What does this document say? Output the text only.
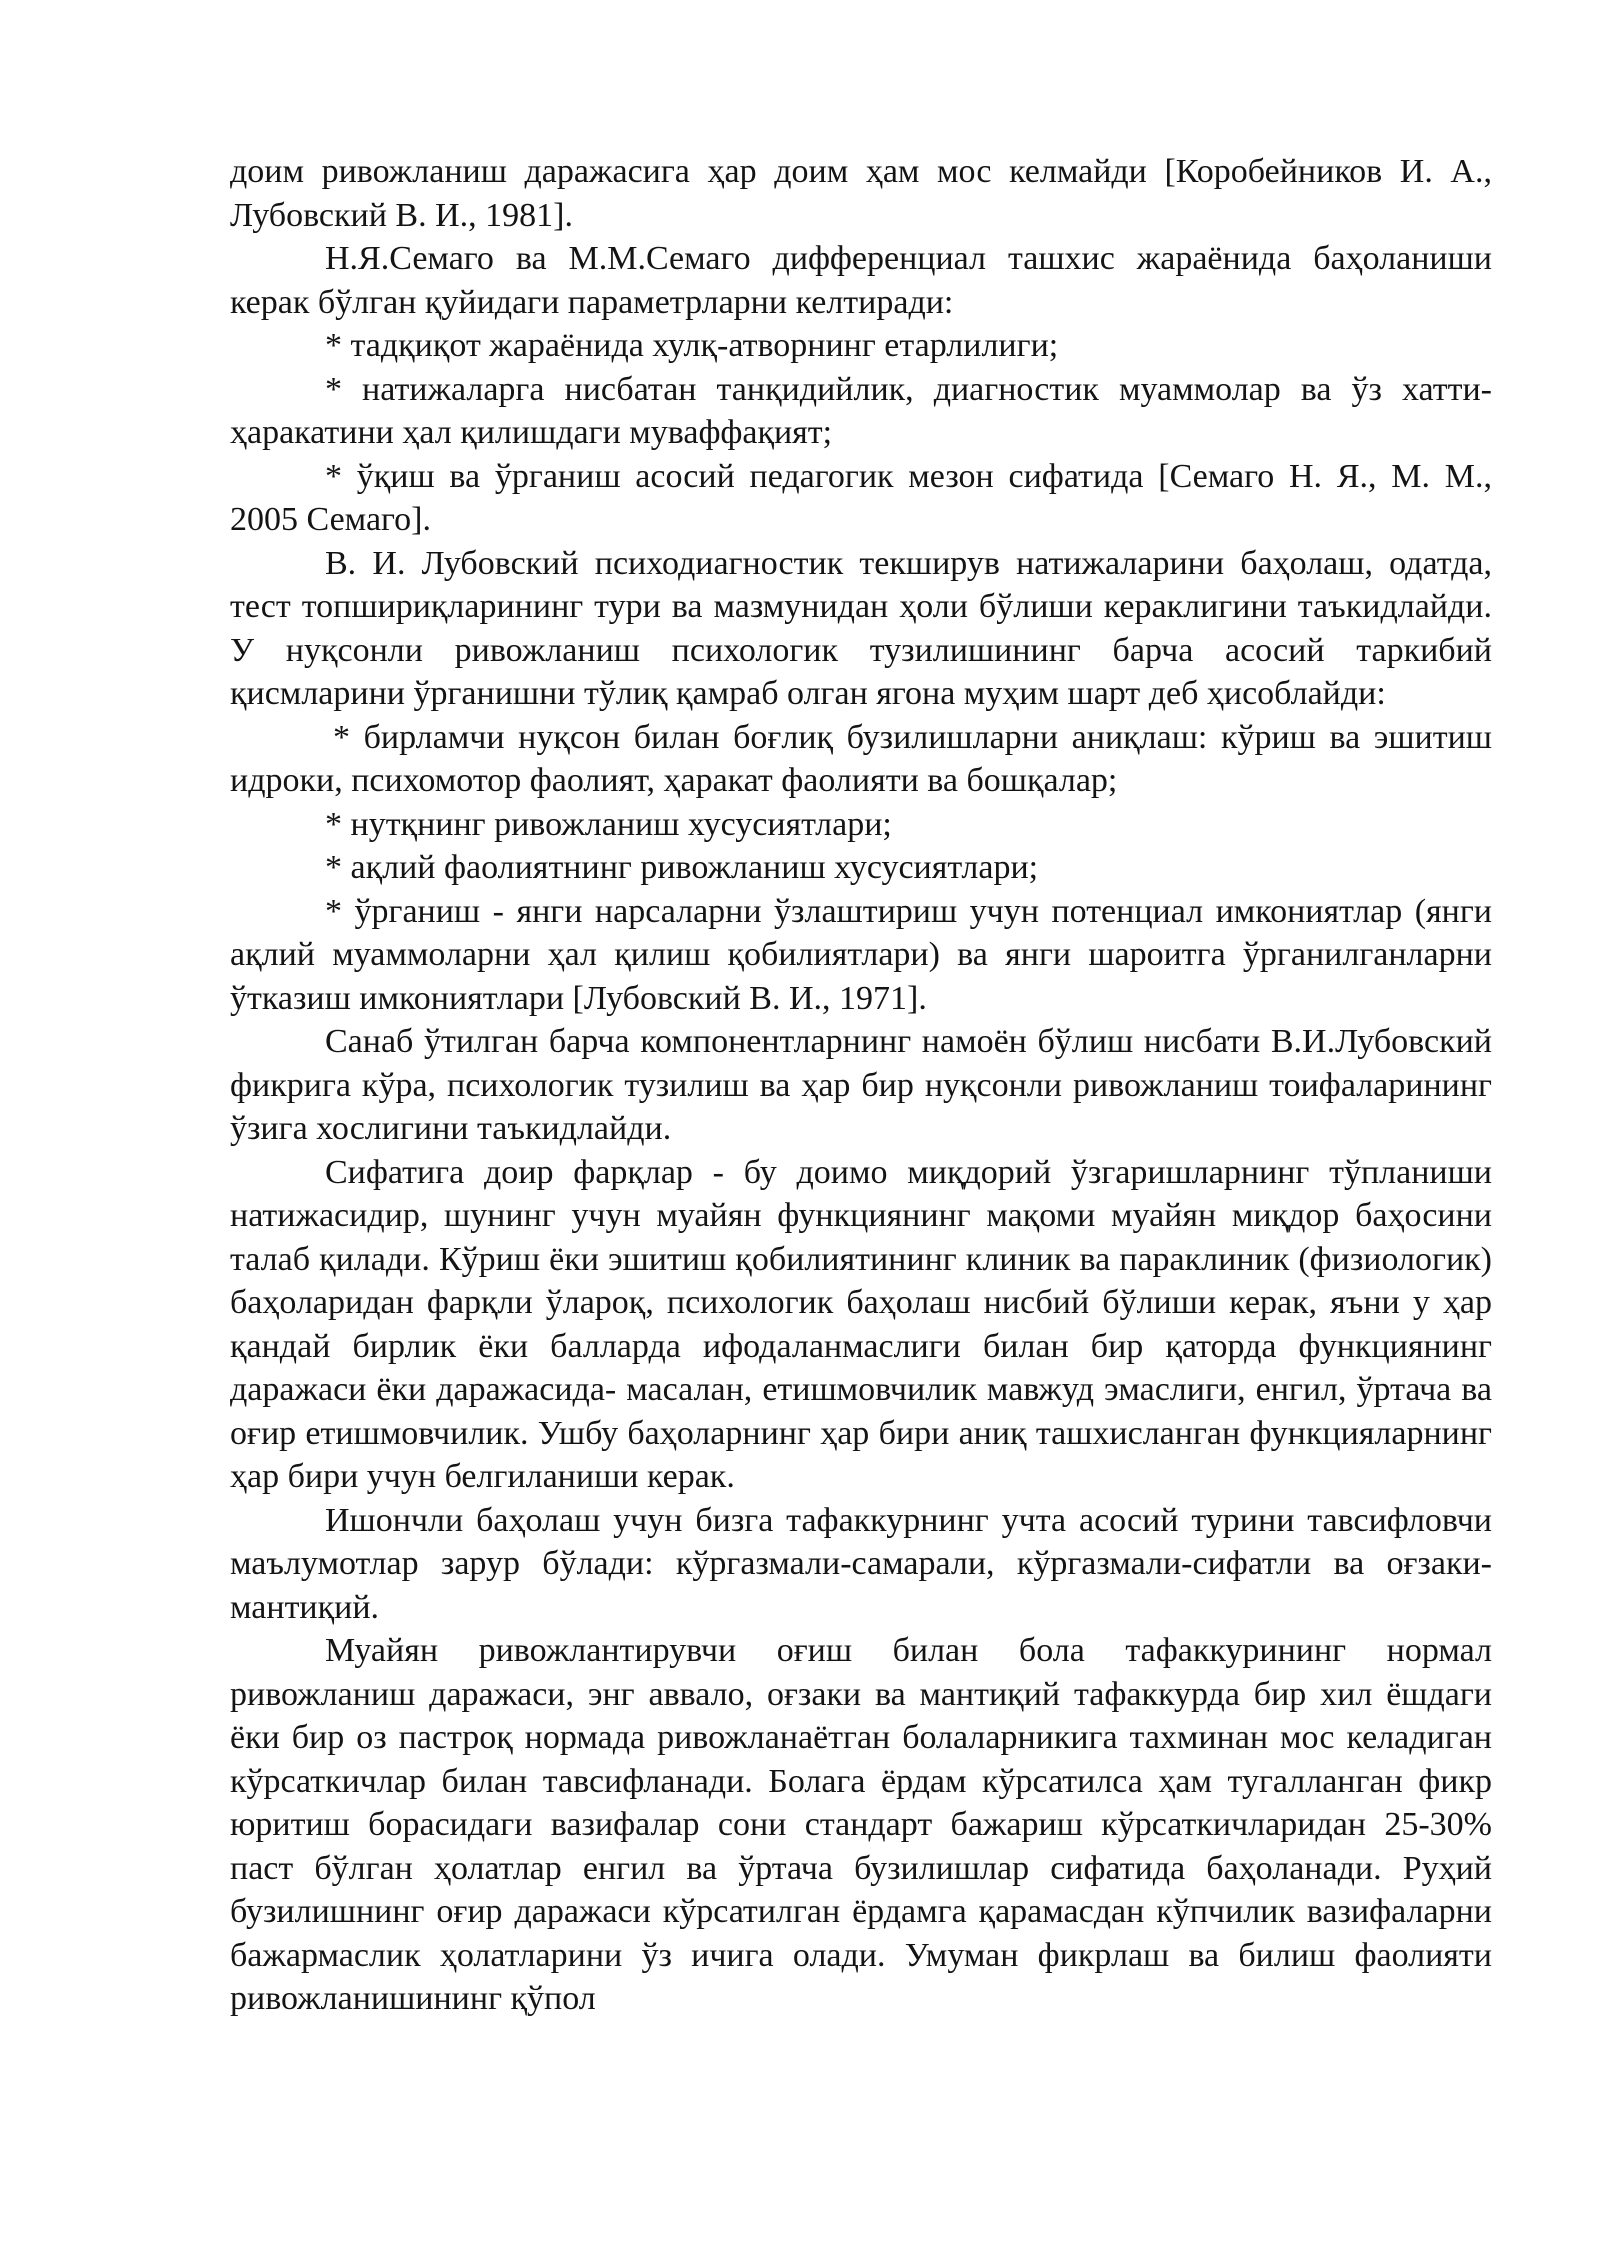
доим ривожланиш даражасига ҳар доим ҳам мос келмайди [Коробейников И. А., Лубовский В. И., 1981].

Н.Я.Семаго ва М.М.Семаго дифференциал ташхис жараёнида баҳоланиши керак бўлган қуйидаги параметрларни келтиради:

* тадқиқот жараёнида хулқ-атворнинг етарлилиги;

* натижаларга нисбатан танқидийлик, диагностик муаммолар ва ўз хатти-ҳаракатини ҳал қилишдаги муваффақият;

* ўқиш ва ўрганиш асосий педагогик мезон сифатида [Семаго Н. Я., М. М., 2005 Семаго].

В. И. Лубовский психодиагностик текширув натижаларини баҳолаш, одатда, тест топшириқларининг тури ва мазмунидан ҳоли бўлиши кераклигини таъкидлайди. У нуқсонли ривожланиш психологик тузилишининг барча асосий таркибий қисмларини ўрганишни тўлиқ қамраб олган ягона муҳим шарт деб ҳисоблайди:

* бирламчи нуқсон билан боғлиқ бузилишларни аниқлаш: кўриш ва эшитиш идроки, психомотор фаолият, ҳаракат фаолияти ва бошқалар;

* нутқнинг ривожланиш хусусиятлари;

* ақлий фаолиятнинг ривожланиш хусусиятлари;

* ўрганиш - янги нарсаларни ўзлаштириш учун потенциал имкониятлар (янги ақлий муаммоларни ҳал қилиш қобилиятлари) ва янги шароитга ўрганилганларни ўтказиш имкониятлари [Лубовский В. И., 1971].

Санаб ўтилган барча компонентларнинг намоён бўлиш нисбати В.И.Лубовский фикрига кўра, психологик тузилиш ва ҳар бир нуқсонли ривожланиш тоифаларининг ўзига хослигини таъкидлайди.

Сифатига доир фарқлар - бу доимо миқдорий ўзгаришларнинг тўпланиши натижасидир, шунинг учун муайян функциянинг мақоми муайян миқдор баҳосини талаб қилади. Кўриш ёки эшитиш қобилиятининг клиник ва параклиник (физиологик) баҳоларидан фарқли ўлароқ, психологик баҳолаш нисбий бўлиши керак, яъни у ҳар қандай бирлик ёки балларда ифодаланмаслиги билан бир қаторда функциянинг даражаси ёки даражасида- масалан, етишмовчилик мавжуд эмаслиги, енгил, ўртача ва оғир етишмовчилик. Ушбу баҳоларнинг ҳар бири аниқ ташхисланган функцияларнинг ҳар бири учун белгиланиши керак.

Ишончли баҳолаш учун бизга тафаккурнинг учта асосий турини тавсифловчи маълумотлар зарур бўлади: кўргазмали-самарали, кўргазмали-сифатли ва оғзаки-мантиқий.

Муайян ривожлантирувчи оғиш билан бола тафаккурининг нормал ривожланиш даражаси, энг аввало, оғзаки ва мантиқий тафаккурда бир хил ёшдаги ёки бир оз пастроқ нормада ривожланаётган болаларникига тахминан мос келадиган кўрсаткичлар билан тавсифланади. Болага ёрдам кўрсатилса ҳам тугалланган фикр юритиш борасидаги вазифалар сони стандарт бажариш кўрсаткичларидан 25-30% паст бўлган ҳолатлар енгил ва ўртача бузилишлар сифатида баҳоланади. Руҳий бузилишнинг оғир даражаси кўрсатилган ёрдамга қарамасдан кўпчилик вазифаларни бажармаслик ҳолатларини ўз ичига олади. Умуман фикрлаш ва билиш фаолияти ривожланишининг қўпол
